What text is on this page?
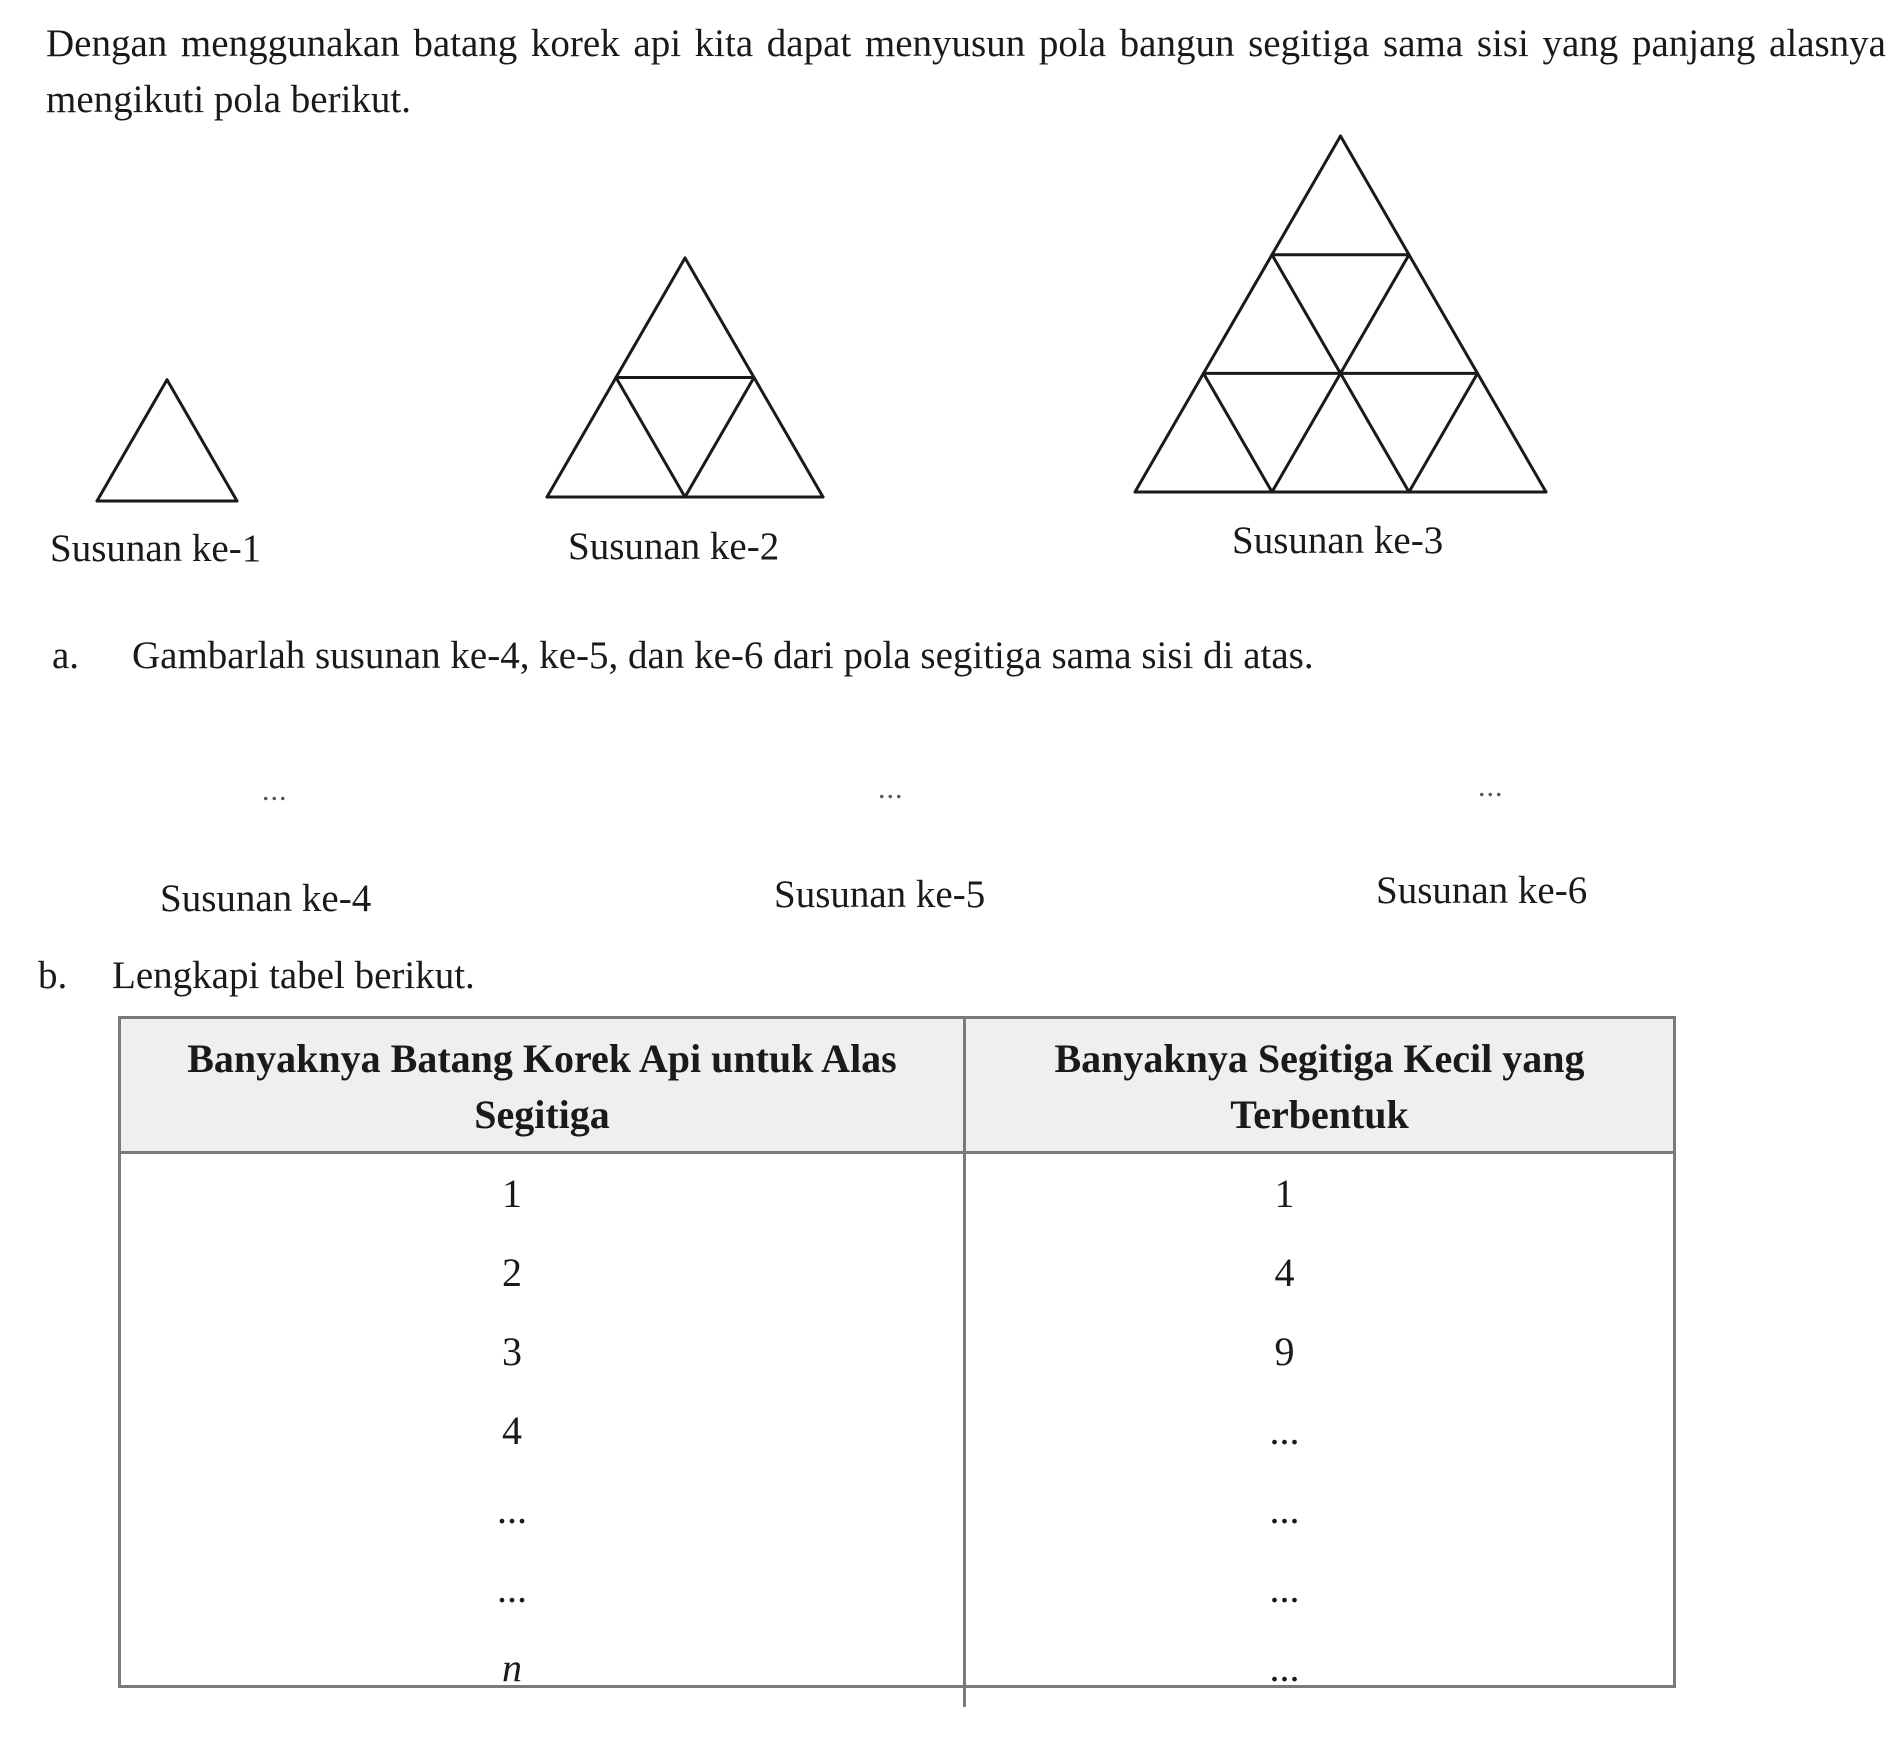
Dengan menggunakan batang korek api kita dapat menyusun pola bangun segitiga sama sisi yang panjang alasnya mengikuti pola berikut.

Susunan ke-1	Susunan ke-2	Susunan ke-3
a. Gambarlah susunan ke-4, ke-5, dan ke-6 dari pola segitiga sama sisi di atas.
...	...	...
Susunan ke-4	Susunan ke-5	Susunan ke-6
b. Lengkapi tabel berikut.
Banyaknya Batang Korek Api untuk Alas Segitiga	Banyaknya Segitiga Kecil yang Terbentuk
1	1
2	4
3	9
4	...
...	...
...	...
n	...
